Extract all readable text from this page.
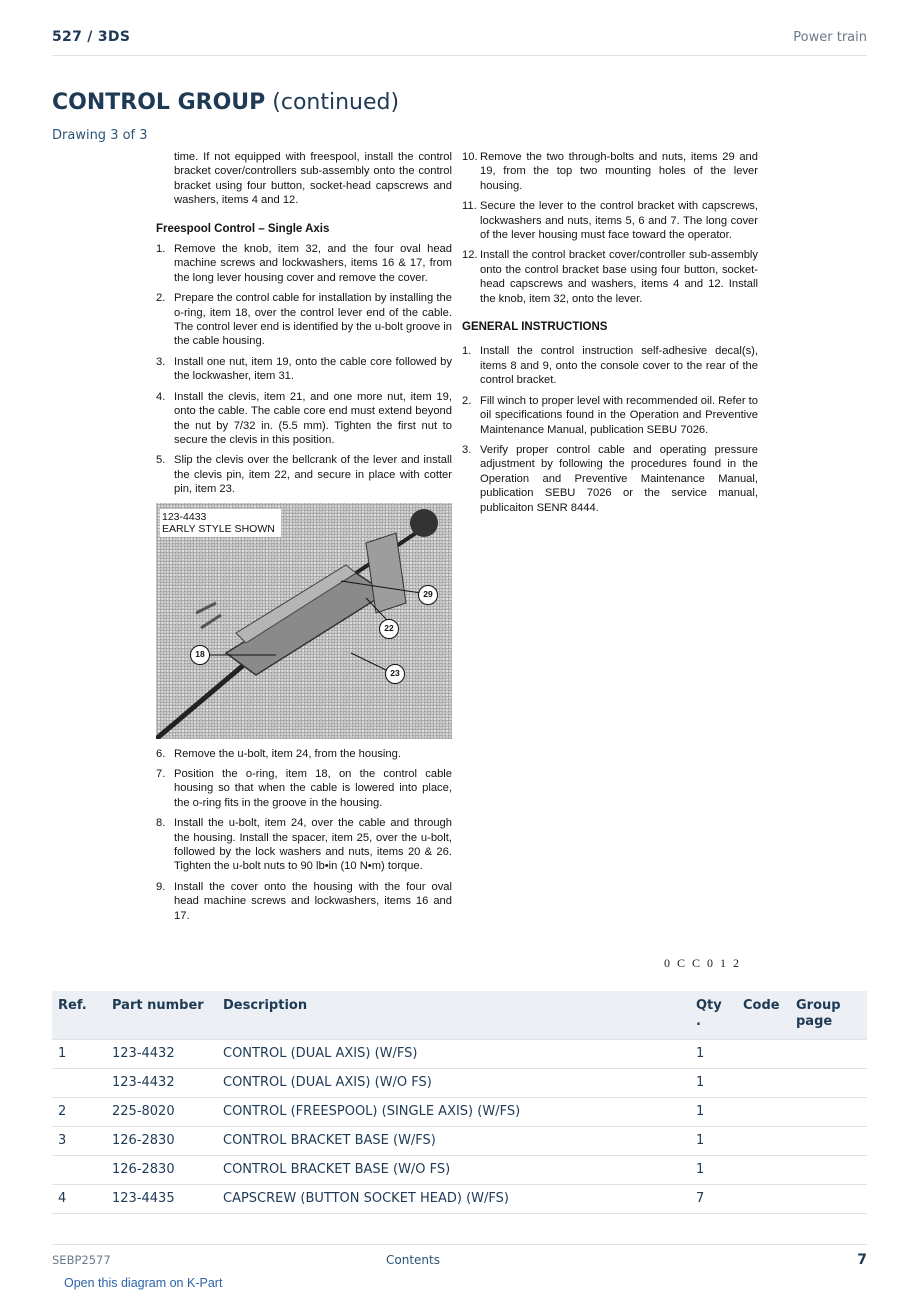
527 / 3DS	Power train
CONTROL GROUP (continued)
Drawing 3 of 3
time. If not equipped with freespool, install the control bracket cover/controllers sub-assembly onto the control bracket using four button, socket-head capscrews and washers, items 4 and 12.
Freespool Control – Single Axis
1. Remove the knob, item 32, and the four oval head machine screws and lockwashers, items 16 & 17, from the long lever housing cover and remove the cover.
2. Prepare the control cable for installation by installing the o-ring, item 18, over the control lever end of the cable. The control lever end is identified by the u-bolt groove in the cable housing.
3. Install one nut, item 19, onto the cable core followed by the lockwasher, item 31.
4. Install the clevis, item 21, and one more nut, item 19, onto the cable. The cable core end must extend beyond the nut by 7/32 in. (5.5 mm). Tighten the first nut to secure the clevis in this position.
5. Slip the clevis over the bellcrank of the lever and install the clevis pin, item 22, and secure in place with cotter pin, item 23.
123-4433
EARLY STYLE SHOWN
29
22
18
23
6. Remove the u-bolt, item 24, from the housing.
7. Position the o-ring, item 18, on the control cable housing so that when the cable is lowered into place, the o-ring fits in the groove in the housing.
8. Install the u-bolt, item 24, over the cable and through the housing. Install the spacer, item 25, over the u-bolt, followed by the lock washers and nuts, items 20 & 26. Tighten the u-bolt nuts to 90 lb•in (10 N•m) torque.
9. Install the cover onto the housing with the four oval head machine screws and lockwashers, items 16 and 17.
10. Remove the two through-bolts and nuts, items 29 and 19, from the top two mounting holes of the lever housing.
11. Secure the lever to the control bracket with capscrews, lockwashers and nuts, items 5, 6 and 7. The long cover of the lever housing must face toward the operator.
12. Install the control bracket cover/controller sub-assembly onto the control bracket base using four button, socket-head capscrews and washers, items 4 and 12. Install the knob, item 32, onto the lever.
GENERAL INSTRUCTIONS
1. Install the control instruction self-adhesive decal(s), items 8 and 9, onto the console cover to the rear of the control bracket.
2. Fill winch to proper level with recommended oil. Refer to oil specifications found in the Operation and Preventive Maintenance Manual, publication SEBU 7026.
3. Verify proper control cable and operating pressure adjustment by following the procedures found in the Operation and Preventive Maintenance Manual, publication SEBU 7026 or the service manual, publicaiton SENR 8444.
0 C C 0 1 2
Ref.	Part number	Description	Qty .	Code	Group page
1	123-4432	CONTROL (DUAL AXIS) (W/FS)	1		
	123-4432	CONTROL (DUAL AXIS) (W/O FS)	1		
2	225-8020	CONTROL (FREESPOOL) (SINGLE AXIS) (W/FS)	1		
3	126-2830	CONTROL BRACKET BASE (W/FS)	1		
	126-2830	CONTROL BRACKET BASE (W/O FS)	1		
4	123-4435	CAPSCREW (BUTTON SOCKET HEAD) (W/FS)	7		
SEBP2577	Contents	7
Open this diagram on K-Part
